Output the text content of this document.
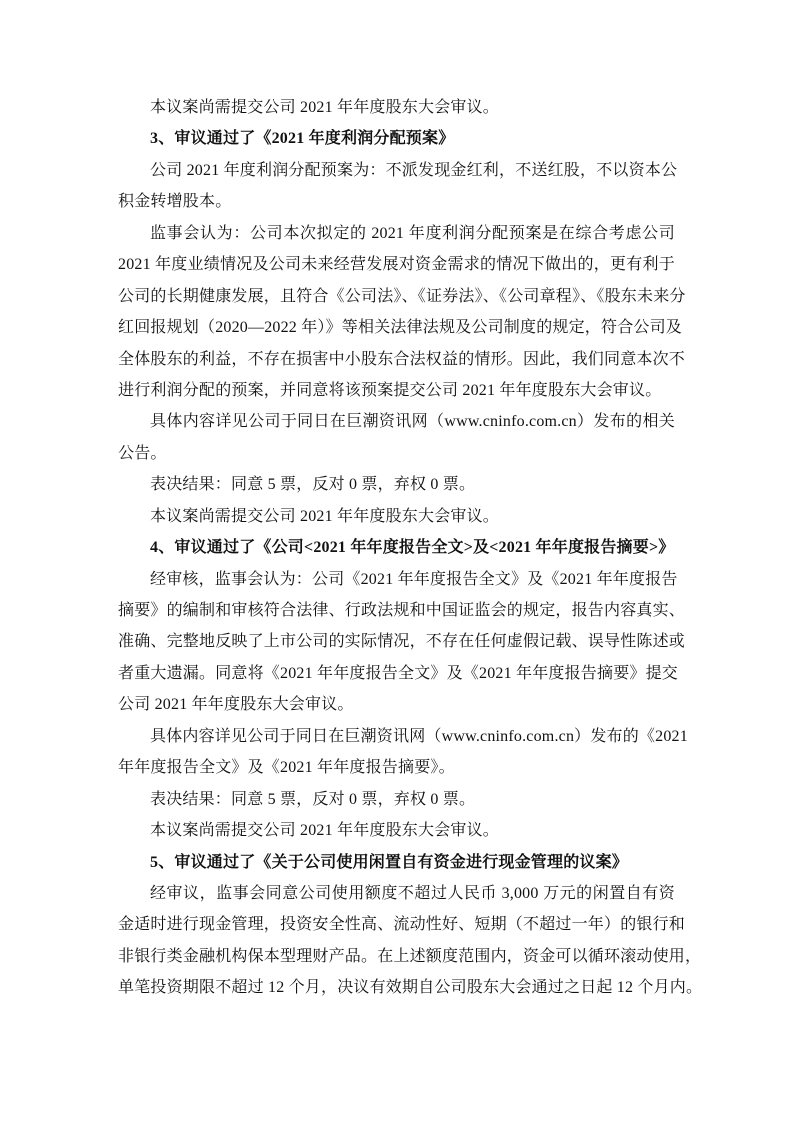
本议案尚需提交公司 2021 年年度股东大会审议。
3、审议通过了《2021 年度利润分配预案》
公司 2021 年度利润分配预案为：不派发现金红利，不送红股，不以资本公
积金转增股本。
监事会认为：公司本次拟定的 2021 年度利润分配预案是在综合考虑公司
2021 年度业绩情况及公司未来经营发展对资金需求的情况下做出的，更有利于
公司的长期健康发展，且符合《公司法》、《证券法》、《公司章程》、《股东未来分
红回报规划（2020—2022 年）》等相关法律法规及公司制度的规定，符合公司及
全体股东的利益，不存在损害中小股东合法权益的情形。因此，我们同意本次不
进行利润分配的预案，并同意将该预案提交公司 2021 年年度股东大会审议。
具体内容详见公司于同日在巨潮资讯网（www.cninfo.com.cn）发布的相关
公告。
表决结果：同意 5 票，反对 0 票，弃权 0 票。
本议案尚需提交公司 2021 年年度股东大会审议。
4、审议通过了《公司<2021 年年度报告全文>及<2021 年年度报告摘要>》
经审核，监事会认为：公司《2021 年年度报告全文》及《2021 年年度报告
摘要》的编制和审核符合法律、行政法规和中国证监会的规定，报告内容真实、
准确、完整地反映了上市公司的实际情况，不存在任何虚假记载、误导性陈述或
者重大遗漏。同意将《2021 年年度报告全文》及《2021 年年度报告摘要》提交
公司 2021 年年度股东大会审议。
具体内容详见公司于同日在巨潮资讯网（www.cninfo.com.cn）发布的《2021
年年度报告全文》及《2021 年年度报告摘要》。
表决结果：同意 5 票，反对 0 票，弃权 0 票。
本议案尚需提交公司 2021 年年度股东大会审议。
5、审议通过了《关于公司使用闲置自有资金进行现金管理的议案》
经审议，监事会同意公司使用额度不超过人民币 3,000 万元的闲置自有资
金适时进行现金管理，投资安全性高、流动性好、短期（不超过一年）的银行和
非银行类金融机构保本型理财产品。在上述额度范围内，资金可以循环滚动使用，
单笔投资期限不超过 12 个月，决议有效期自公司股东大会通过之日起 12 个月内。
